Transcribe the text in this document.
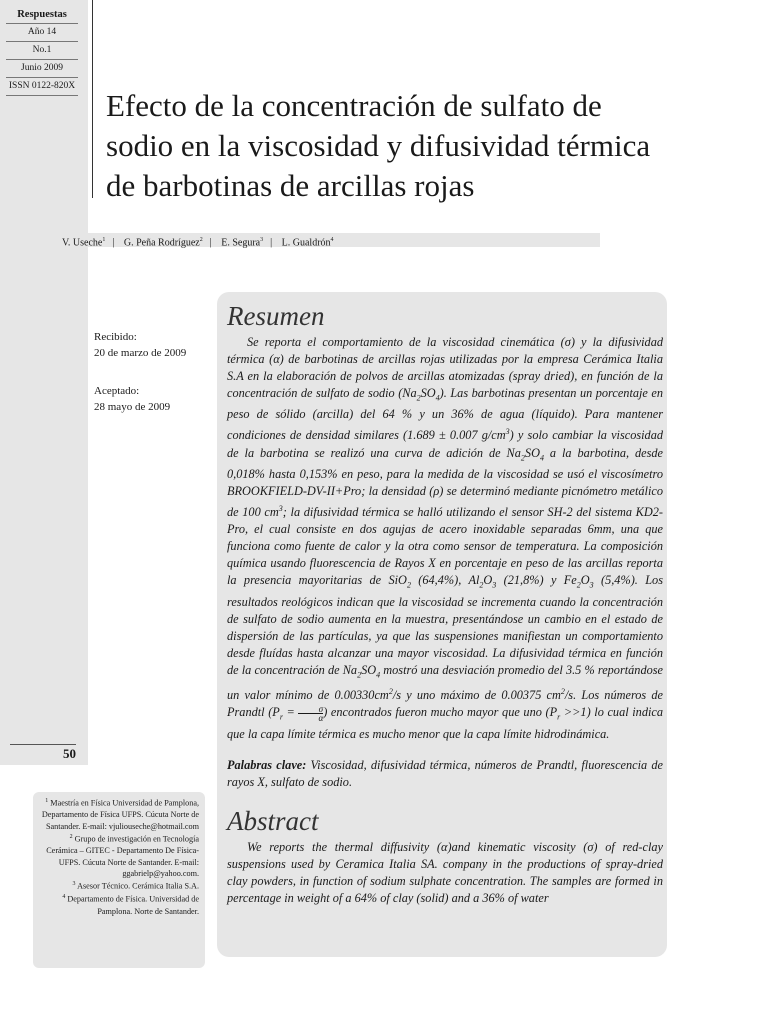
Respuestas
Año 14
No.1
Junio 2009
ISSN 0122-820X
Efecto de la concentración de sulfato de sodio en la viscosidad y difusividad térmica de barbotinas de arcillas rojas
V. Useche$^1$ | G. Peña Rodríguez$^2$ | E. Segura$^3$ | L. Gualdrón$^4$
Recibido:
20 de marzo de 2009
Aceptado:
28 mayo de 2009
50

$^1$ Maestría en Física Universidad de Pamplona, Departamento de Física UFPS. Cúcuta Norte de Santander. E-mail: vjuliouseche@hotmail.com

$^2$ Grupo de investigación en Tecnología Cerámica – GITEC - Departamento De Física- UFPS. Cúcuta Norte de Santander. E-mail: ggabrielp@yahoo.com.

$^3$ Asesor Técnico. Cerámica Italia S.A.

$^4$ Departamento de Física. Universidad de Pamplona. Norte de Santander.

Resumen

Se reporta el comportamiento de la viscosidad cinemática (σ) y la difusividad térmica (α) de barbotinas de arcillas rojas utilizadas por la empresa Cerámica Italia S.A en la elaboración de polvos de arcillas atomizadas (spray dried), en función de la concentración de sulfato de sodio $(Na_2SO_4)$. Las barbotinas presentan un porcentaje en peso de sólido (arcilla) del 64 % y un 36% de agua (líquido). Para mantener condiciones de densidad similares (1.689 ± 0.007 $g/cm^3$) y solo cambiar la viscosidad de la barbotina se realizó una curva de adición de $Na_2SO_4$ a la barbotina, desde 0,018% hasta 0,153% en peso, para la medida de la viscosidad se usó el viscosímetro BROOKFIELD-DV-II+Pro; la densidad (ρ) se determinó mediante picnómetro metálico de 100 $cm^3$; la difusividad térmica se halló utilizando el sensor SH-2 del sistema KD2-Pro, el cual consiste en dos agujas de acero inoxidable separadas 6mm, una que funciona como fuente de calor y la otra como sensor de temperatura. La composición química usando fluorescencia de Rayos X en porcentaje en peso de las arcillas reporta la presencia mayoritarias de SiO$_2$ (64,4%), $Al_2O_3$ (21,8%) y $Fe_2O_3$ (5,4%). Los resultados reológicos indican que la viscosidad se incrementa cuando la concentración de sulfato de sodio aumenta en la muestra, presentándose un cambio en el estado de dispersión de las partículas, ya que las suspensiones manifiestan un comportamiento desde fluídas hasta alcanzar una mayor viscosidad. La difusividad térmica en función de la concentración de $Na_2SO_4$ mostró una desviación promedio del 3.5 % reportándose un valor mínimo de $0.00330cm^2/s$ y uno máximo de 0.00375 $cm^2/s$. Los números de Prandtl ($P_r = \frac{\sigma}{\alpha}$ ) encontrados fueron mucho mayor que uno $(P_r >>1)$ lo cual indica que la capa límite térmica es mucho menor que la capa límite hidrodinámica.

Palabras clave: Viscosidad, difusividad térmica, números de Prandtl, fluorescencia de rayos X, sulfato de sodio.

Abstract

We reports the thermal diffusivity (α)and kinematic viscosity (σ) of red-clay suspensions used by Ceramica Italia SA. company in the productions of spray-dried clay powders, in function of sodium sulphate concentration. The samples are formed in percentage in weight of a 64% of clay (solid) and a 36% of water
